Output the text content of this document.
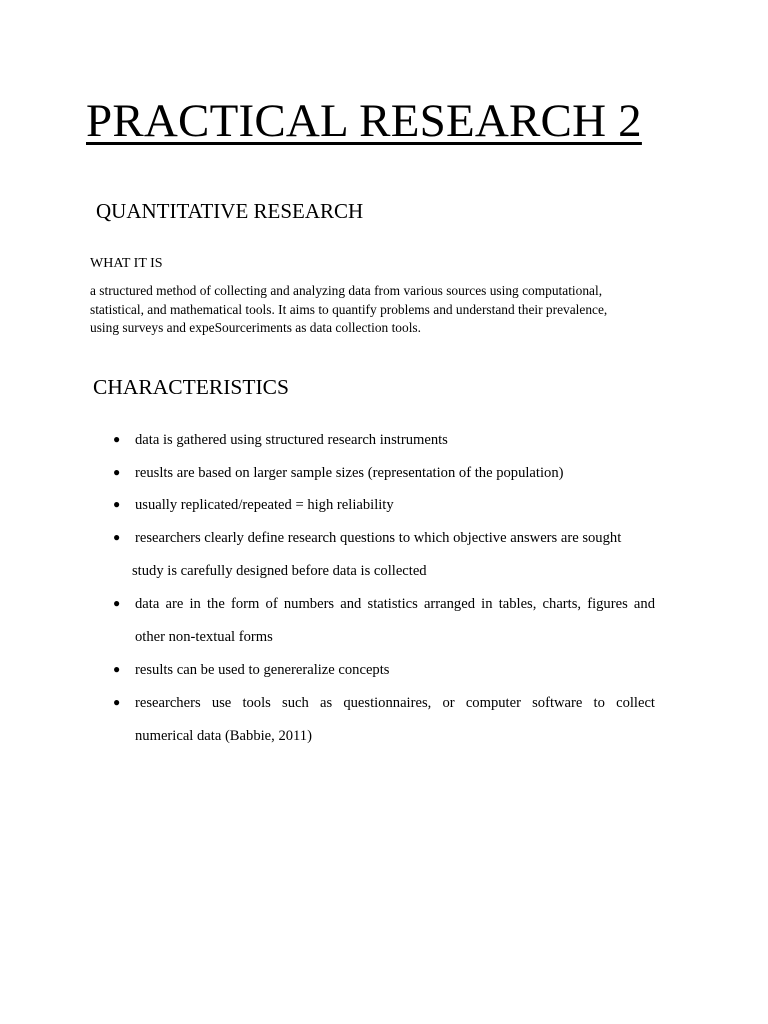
PRACTICAL RESEARCH 2
QUANTITATIVE RESEARCH
WHAT IT IS

a structured method of collecting and analyzing data from various sources using computational,
statistical, and mathematical tools. It aims to quantify problems and understand their prevalence,
using surveys and expeSourceriments as data collection tools.

CHARACTERISTICS
● data is gathered using structured research instruments
● reuslts are based on larger sample sizes (representation of the population)
● usually replicated/repeated = high reliability
● researchers clearly define research questions to which objective answers are sought
study is carefully designed before data is collected
● data are in the form of numbers and statistics arranged in tables, charts, figures and
other non-textual forms
● results can be used to genereralize concepts
● researchers use tools such as questionnaires, or computer software to collect
numerical data (Babbie, 2011)
